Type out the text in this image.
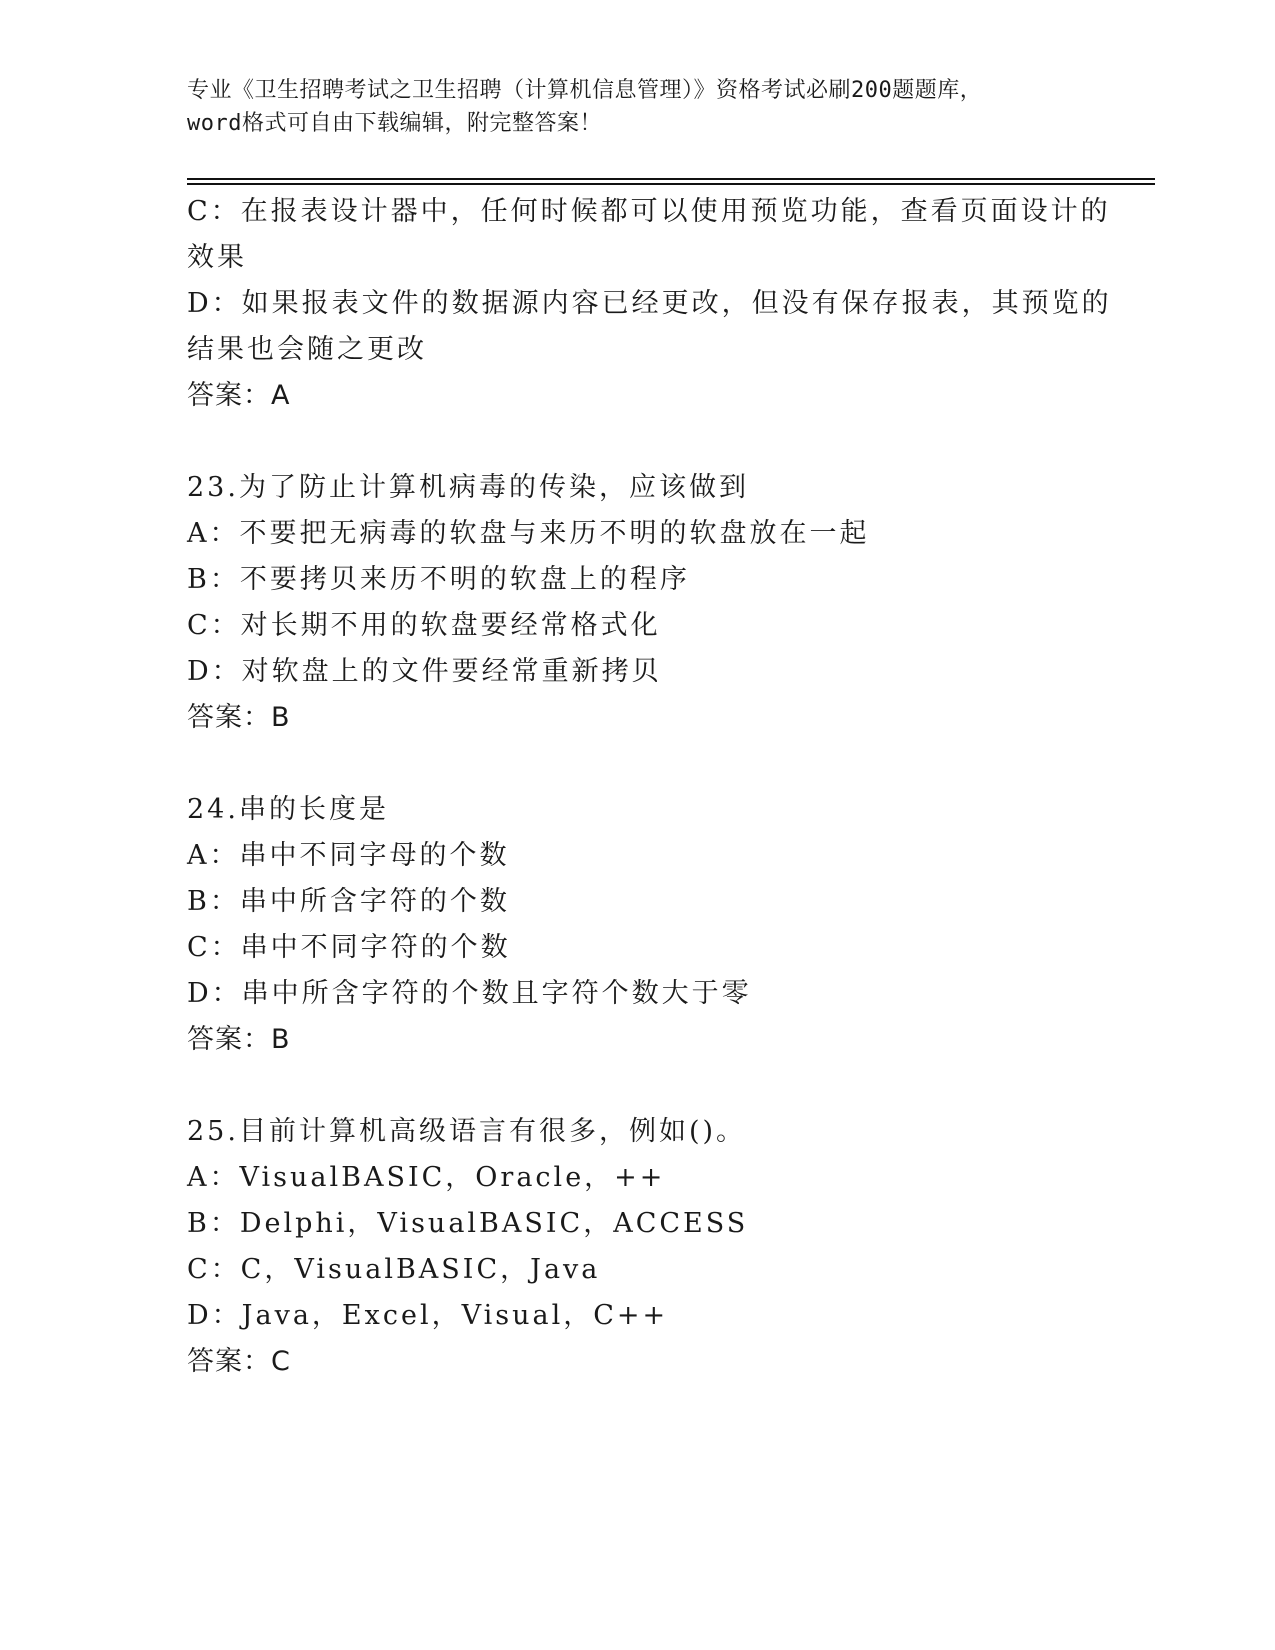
专业《卫生招聘考试之卫生招聘（计算机信息管理）》资格考试必刷200题题库，
word格式可自由下载编辑，附完整答案！
C：在报表设计器中，任何时候都可以使用预览功能，查看页面设计的
效果
D：如果报表文件的数据源内容已经更改，但没有保存报表，其预览的
结果也会随之更改
答案：A
23.为了防止计算机病毒的传染，应该做到
A：不要把无病毒的软盘与来历不明的软盘放在一起
B：不要拷贝来历不明的软盘上的程序
C：对长期不用的软盘要经常格式化
D：对软盘上的文件要经常重新拷贝
答案：B
24.串的长度是
A：串中不同字母的个数
B：串中所含字符的个数
C：串中不同字符的个数
D：串中所含字符的个数且字符个数大于零
答案：B
25.目前计算机高级语言有很多，例如()。
A：VisualBASIC，Oracle，++
B：Delphi，VisualBASIC，ACCESS
C：C，VisualBASIC，Java
D：Java，Excel，Visual，C++
答案：C
